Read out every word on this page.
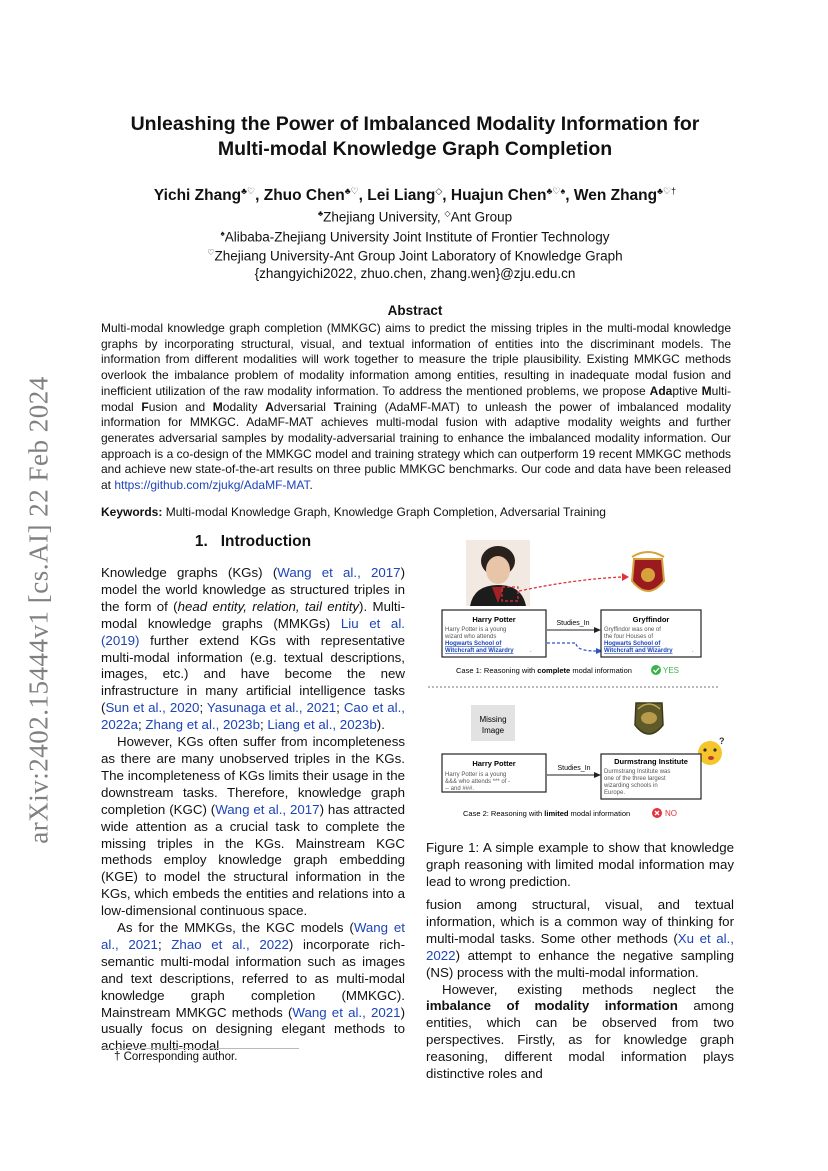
arXiv:2402.15444v1 [cs.AI] 22 Feb 2024
Unleashing the Power of Imbalanced Modality Information for
Multi-modal Knowledge Graph Completion
Yichi Zhang♣♡, Zhuo Chen♣♡, Lei Liang◇, Huajun Chen♣♡♠, Wen Zhang♣♡†
♣Zhejiang University, ◇Ant Group
♠Alibaba-Zhejiang University Joint Institute of Frontier Technology
♡Zhejiang University-Ant Group Joint Laboratory of Knowledge Graph
{zhangyichi2022, zhuo.chen, zhang.wen}@zju.edu.cn
Abstract
Multi-modal knowledge graph completion (MMKGC) aims to predict the missing triples in the multi-modal knowledge graphs by incorporating structural, visual, and textual information of entities into the discriminant models. The information from different modalities will work together to measure the triple plausibility. Existing MMKGC methods overlook the imbalance problem of modality information among entities, resulting in inadequate modal fusion and inefficient utilization of the raw modality information. To address the mentioned problems, we propose Adaptive Multi-modal Fusion and Modality Adversarial Training (AdaMF-MAT) to unleash the power of imbalanced modality information for MMKGC. AdaMF-MAT achieves multi-modal fusion with adaptive modality weights and further generates adversarial samples by modality-adversarial training to enhance the imbalanced modality information. Our approach is a co-design of the MMKGC model and training strategy which can outperform 19 recent MMKGC methods and achieve new state-of-the-art results on three public MMKGC benchmarks. Our code and data have been released at https://github.com/zjukg/AdaMF-MAT.
Keywords: Multi-modal Knowledge Graph, Knowledge Graph Completion, Adversarial Training
1. Introduction

Knowledge graphs (KGs) (Wang et al., 2017) model the world knowledge as structured triples in the form of (head entity, relation, tail entity). Multi-modal knowledge graphs (MMKGs) Liu et al. (2019) further extend KGs with representative multi-modal information (e.g. textual descriptions, images, etc.) and have become the new infrastructure in many artificial intelligence tasks (Sun et al., 2020; Yasunaga et al., 2021; Cao et al., 2022a; Zhang et al., 2023b; Liang et al., 2023b).

However, KGs often suffer from incompleteness as there are many unobserved triples in the KGs. The incompleteness of KGs limits their usage in the downstream tasks. Therefore, knowledge graph completion (KGC) (Wang et al., 2017) has attracted wide attention as a crucial task to complete the missing triples in the KGs. Mainstream KGC methods employ knowledge graph embedding (KGE) to model the structural information in the KGs, which embeds the entities and relations into a low-dimensional continuous space.

As for the MMKGs, the KGC models (Wang et al., 2021; Zhao et al., 2022) incorporate rich-semantic multi-modal information such as images and text descriptions, referred to as multi-modal knowledge graph completion (MMKGC). Mainstream MMKGC methods (Wang et al., 2021) usually focus on designing elegant methods to achieve multi-modal

† Corresponding author.
Harry Potter
Harry Potter is a young
wizard who attends
Hogwarts School of
Witchcraft and Wizardry	.
Studies_In	Gryffindor
Gryffindor was one of
the four Houses of
Hogwarts School of
Witchcraft and Wizardry	.
Case 1: Reasoning with complete modal information	YES
Missing
Image
?
Harry Potter
Harry Potter is a young
&&& who attends *** of -
-- and ###.
Studies_In
Durmstrang Institute
Durmstrang Institute was
one of the three largest
wizarding schools in
Europe.
Case 2: Reasoning with limited modal information	NO
Figure 1: A simple example to show that knowledge graph reasoning with limited modal information may lead to wrong prediction.

fusion among structural, visual, and textual information, which is a common way of thinking for multi-modal tasks. Some other methods (Xu et al., 2022) attempt to enhance the negative sampling (NS) process with the multi-modal information.

However, existing methods neglect the imbalance of modality information among entities, which can be observed from two perspectives. Firstly, as for knowledge graph reasoning, different modal information plays distinctive roles and
